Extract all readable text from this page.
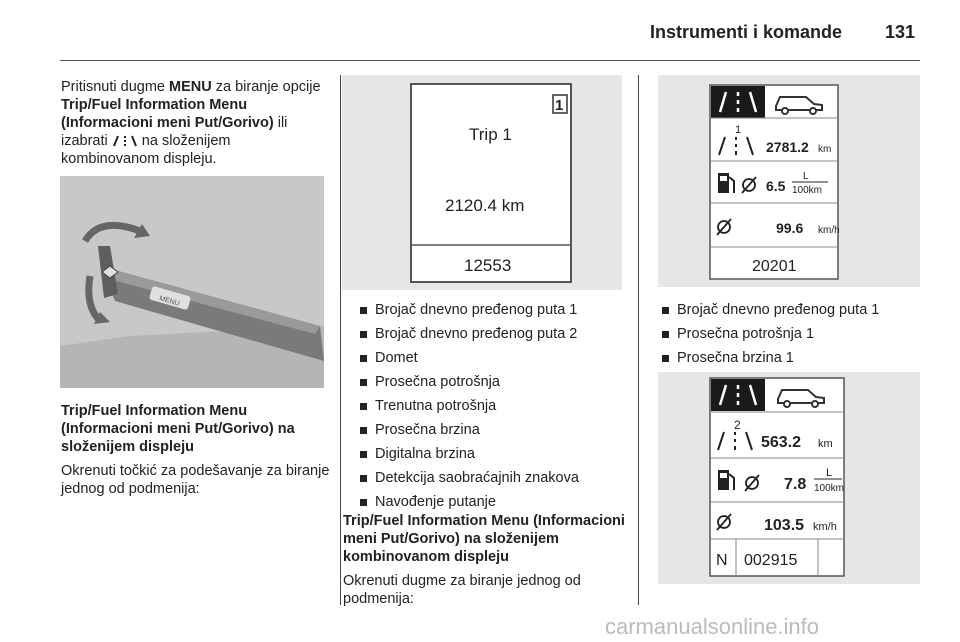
Instrumenti i komande 131

Pritisnuti dugme MENU za biranje opcije Trip/Fuel Information Menu (Informacioni meni Put/Gorivo) ili izabrati  na složenijem kombinovanom displeju.

MENU

Trip/Fuel Information Menu (Informacioni meni Put/Gorivo) na složenijem displeju

Okrenuti točkić za podešavanje za biranje jednog od podmenija:

1
Trip 1
2120.4 km
12553
Brojač dnevno pređenog puta 1
Brojač dnevno pređenog puta 2
Domet
Prosečna potrošnja
Trenutna potrošnja
Prosečna brzina
Digitalna brzina
Detekcija saobraćajnih znakova
Navođenje putanje

Trip/Fuel Information Menu (Informacioni meni Put/Gorivo) na složenijem kombinovanom displeju

Okrenuti dugme za biranje jednog od podmenija:

1
2781.2 km
6.5
L
100km
99.6 km/h
20201
Brojač dnevno pređenog puta 1
Prosečna potrošnja 1
Prosečna brzina 1
2
563.2 km
7.8
L
100km
103.5 km/h
N 002915
carmanualsonline.info
